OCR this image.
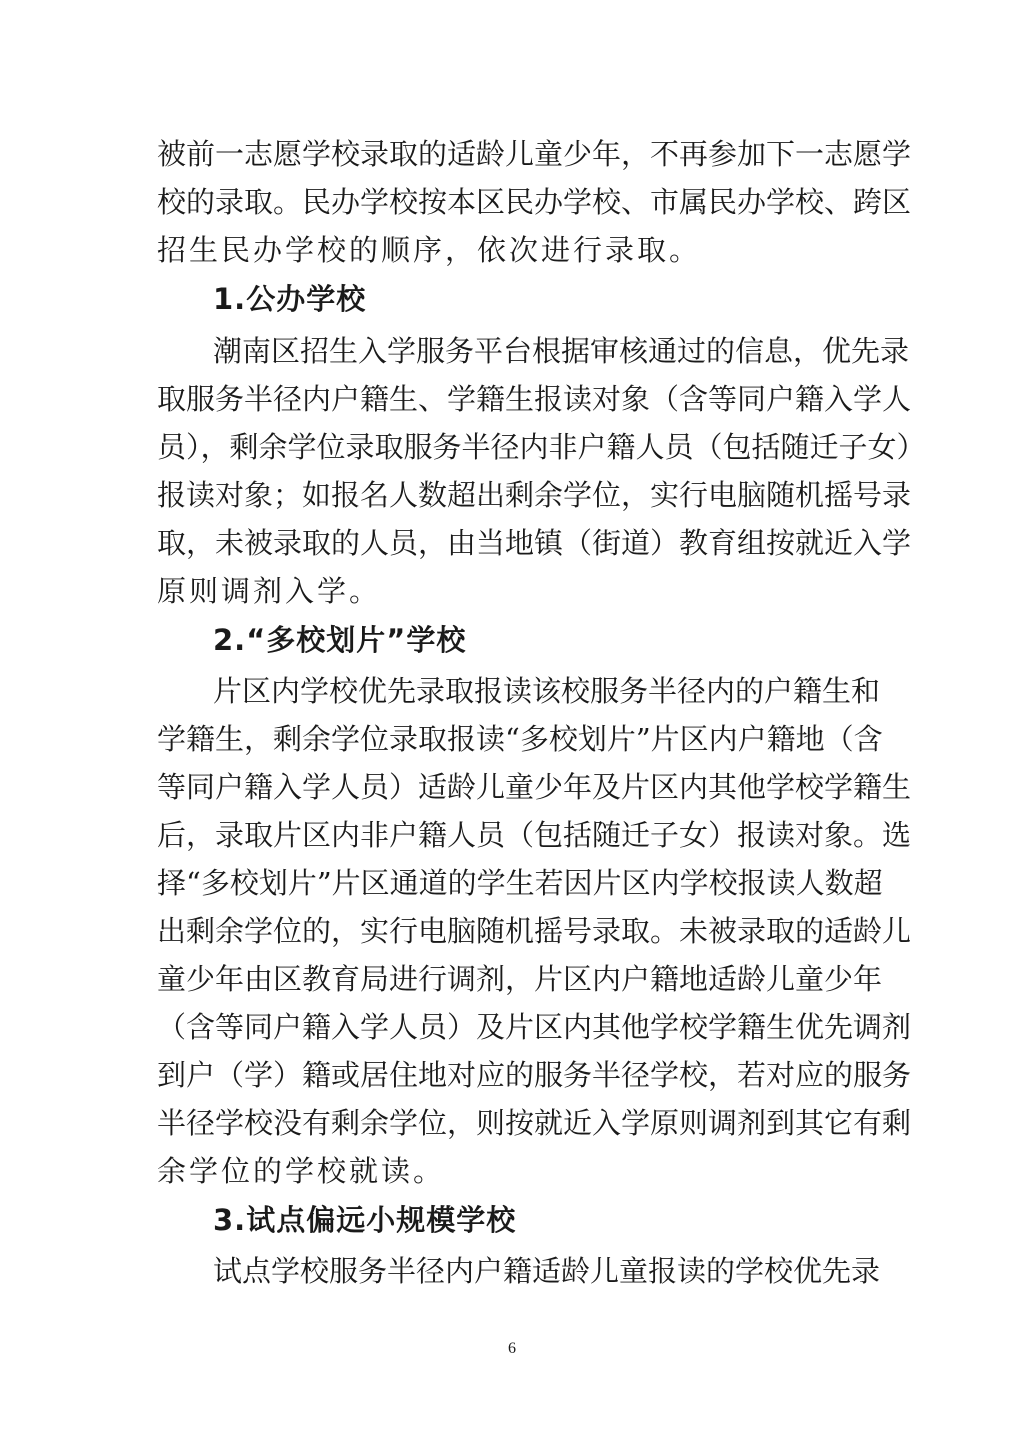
被前一志愿学校录取的适龄儿童少年，不再参加下一志愿学
校的录取。民办学校按本区民办学校、市属民办学校、跨区
招生民办学校的顺序，依次进行录取。
1.公办学校
潮南区招生入学服务平台根据审核通过的信息，优先录
取服务半径内户籍生、学籍生报读对象（含等同户籍入学人
员），剩余学位录取服务半径内非户籍人员（包括随迁子女）
报读对象；如报名人数超出剩余学位，实行电脑随机摇号录
取，未被录取的人员，由当地镇（街道）教育组按就近入学
原则调剂入学。
2.“多校划片”学校
片区内学校优先录取报读该校服务半径内的户籍生和
学籍生，剩余学位录取报读“多校划片”片区内户籍地（含
等同户籍入学人员）适龄儿童少年及片区内其他学校学籍生
后，录取片区内非户籍人员（包括随迁子女）报读对象。选
择“多校划片”片区通道的学生若因片区内学校报读人数超
出剩余学位的，实行电脑随机摇号录取。未被录取的适龄儿
童少年由区教育局进行调剂，片区内户籍地适龄儿童少年
（含等同户籍入学人员）及片区内其他学校学籍生优先调剂
到户（学）籍或居住地对应的服务半径学校，若对应的服务
半径学校没有剩余学位，则按就近入学原则调剂到其它有剩
余学位的学校就读。
3.试点偏远小规模学校
试点学校服务半径内户籍适龄儿童报读的学校优先录
6
